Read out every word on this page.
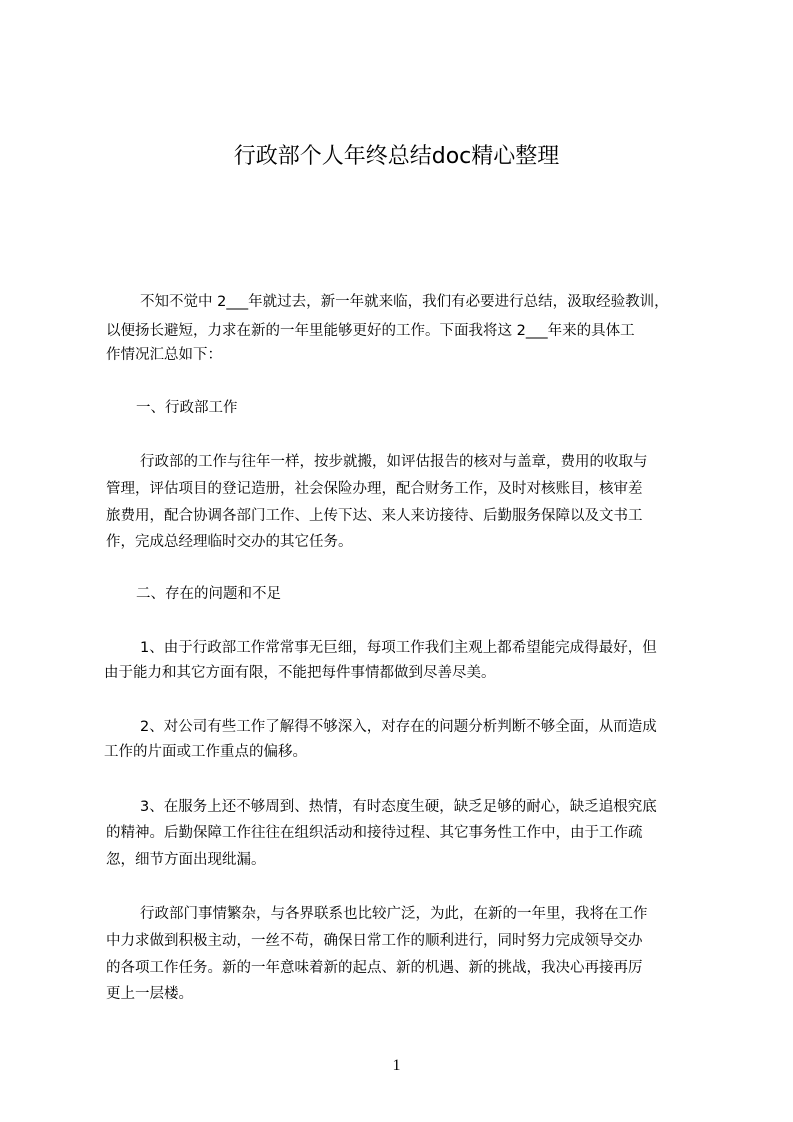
行政部个人年终总结doc精心整理
不知不觉中 2___年就过去，新一年就来临，我们有必要进行总结，汲取经验教训，
以便扬长避短，力求在新的一年里能够更好的工作。下面我将这 2___年来的具体工
作情况汇总如下：
一、行政部工作
行政部的工作与往年一样，按步就搬，如评估报告的核对与盖章，费用的收取与
管理，评估项目的登记造册，社会保险办理，配合财务工作，及时对核账目，核审差
旅费用，配合协调各部门工作、上传下达、来人来访接待、后勤服务保障以及文书工
作，完成总经理临时交办的其它任务。
二、存在的问题和不足
1、由于行政部工作常常事无巨细，每项工作我们主观上都希望能完成得最好，但
由于能力和其它方面有限，不能把每件事情都做到尽善尽美。
2、对公司有些工作了解得不够深入，对存在的问题分析判断不够全面，从而造成
工作的片面或工作重点的偏移。
3、在服务上还不够周到、热情，有时态度生硬，缺乏足够的耐心，缺乏追根究底
的精神。后勤保障工作往往在组织活动和接待过程、其它事务性工作中，由于工作疏
忽，细节方面出现纰漏。
行政部门事情繁杂，与各界联系也比较广泛，为此，在新的一年里，我将在工作
中力求做到积极主动，一丝不苟，确保日常工作的顺利进行，同时努力完成领导交办
的各项工作任务。新的一年意味着新的起点、新的机遇、新的挑战，我决心再接再厉
更上一层楼。
1
